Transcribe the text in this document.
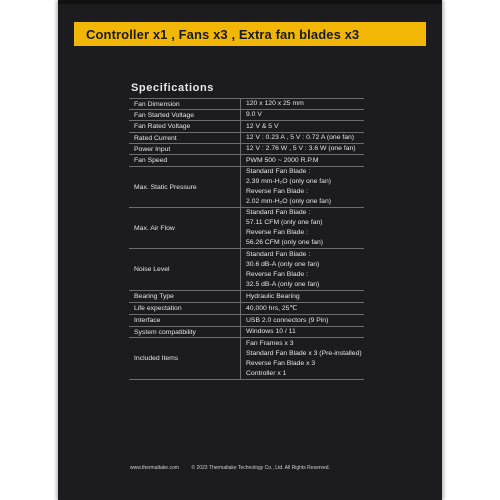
Controller x1 , Fans x3 , Extra fan blades x3
Specifications
Fan Dimension	120 x 120 x 25 mm

Fan Started Voltage	9.0 V

Fan Rated Voltage	12 V & 5 V

Rated Current	12 V : 0.23 A , 5 V : 0.72 A (one fan)

Power Input	12 V : 2.76 W , 5 V : 3.6 W (one fan)

Fan Speed	PWM 500 ~ 2000 R.P.M

Max. Static Pressure	Standard Fan Blade :
2.39 mm-H₂O (only one fan)
Reverse Fan Blade :
2.02 mm-H₂O (only one fan)

Max. Air Flow	Standard Fan Blade :
57.11 CFM (only one fan)
Reverse Fan Blade :
56.26 CFM (only one fan)

Noise Level	Standard Fan Blade :
30.6 dB-A (only one fan)
Reverse Fan Blade :
32.5 dB-A (only one fan)

Bearing Type	Hydraulic Bearing

Life expectation	40,000 hrs, 25℃

Interface	USB 2.0 connectors (9 Pin)

System compatibility	Windows 10 / 11

Included Items	Fan Frames x 3
Standard Fan Blade x 3 (Pre-installed)
Reverse Fan Blade x 3
Controller x 1
www.thermaltake.com © 2023 Thermaltake Technology Co., Ltd. All Rights Reserved.
